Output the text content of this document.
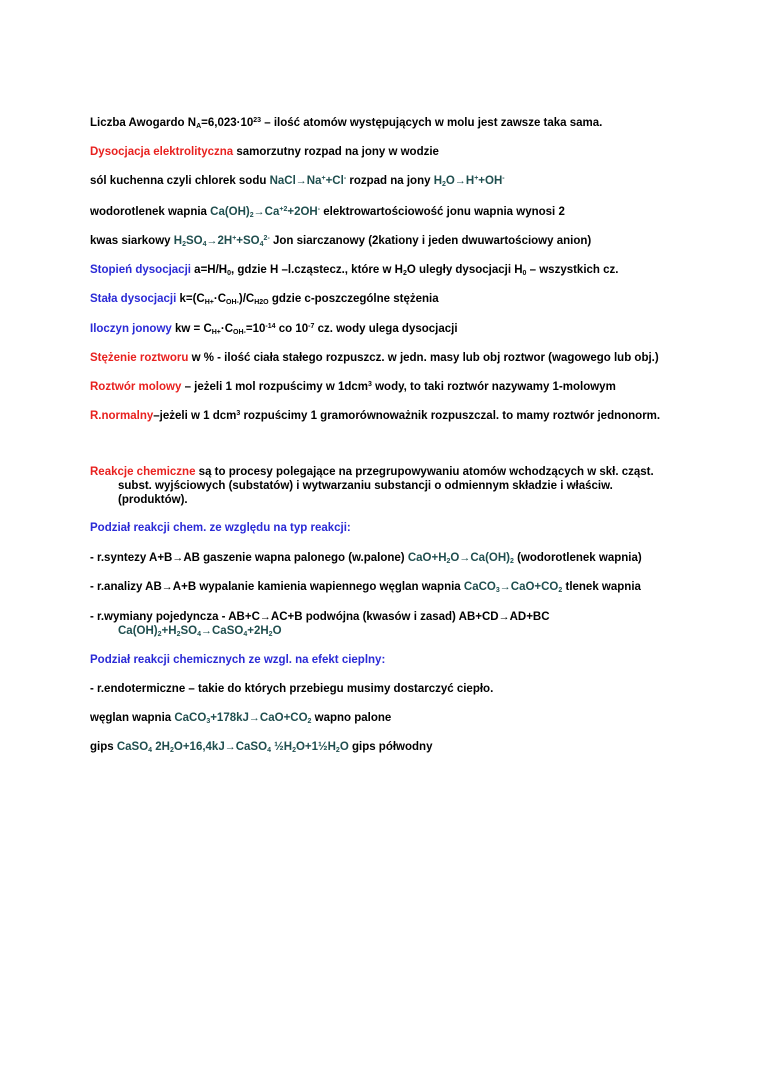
Liczba Awogardo $N_A=6,023\cdot 10^{23}$ – ilość atomów występujących w molu jest zawsze taka sama.
Dysocjacja elektrolityczna samorzutny rozpad na jony w wodzie
sól kuchenna czyli chlorek sodu NaCl→Na++Cl- rozpad na jony $H_2O\to H^++OH^-$
wodorotlenek wapnia $Ca(OH)_2\to Ca^{+2}+2OH^-$ elektrowartościowość jonu wapnia wynosi 2
kwas siarkowy $H_2SO_4\to 2H^++SO_4^{2-}$ Jon siarczanowy (2kationy i jeden dwuwartościowy anion)
Stopień dysocjacji $a=H/H_0$, gdzie H –l.cząstecz., które w $H_2O$ uległy dysocjacji $H_0$ – wszystkich cz.
Stała dysocjacji $k=(C_{H+}\cdot C_{OH-})/C_{H2O}$ gdzie c-poszczególne stężenia
Iloczyn jonowy kw = $C_{H+}\cdot C_{OH-}=10^{-14}$ co $10^{-7}$ cz. wody ulega dysocjacji
Stężenie roztworu w % - ilość ciała stałego rozpuszcz. w jedn. masy lub obj roztwor (wagowego lub obj.)
Roztwór molowy – jeżeli 1 mol rozpuścimy w 1dcm$^3$ wody, to taki roztwór nazywamy 1-molowym
R.normalny–jeżeli w 1 dcm$^3$ rozpuścimy 1 gramorównoważnik rozpuszczal. to mamy roztwór jednonorm.
Reakcje chemiczne są to procesy polegające na przegrupowywaniu atomów wchodzących w skł. cząst.
subst. wyjściowych (substatów) i wytwarzaniu substancji o odmiennym składzie i właściw.
(produktów).
Podział reakcji chem. ze względu na typ reakcji:
- r.syntezy A+B→AB gaszenie wapna palonego (w.palone) $CaO+H_2O\to Ca(OH)_2$ (wodorotlenek wapnia)
- r.analizy AB→A+B wypalanie kamienia wapiennego węglan wapnia $CaCO_3\to CaO+CO_2$ tlenek wapnia
- r.wymiany pojedyncza - AB+C→AC+B podwójna (kwasów i zasad) AB+CD→AD+BC
$Ca(OH)_2+H_2SO_4\to CaSO_4+2H_2O$
Podział reakcji chemicznych ze wzgl. na efekt cieplny:
- r.endotermiczne – takie do których przebiegu musimy dostarczyć ciepło.
węglan wapnia $CaCO_3+178kJ\to CaO+CO_2$ wapno palone
gips CaSO$_4$ $2H_2O+16,4kJ\to CaSO_4$ $\frac{1}{2}H_2O+1\frac{1}{2}H_2O$ gips półwodny
